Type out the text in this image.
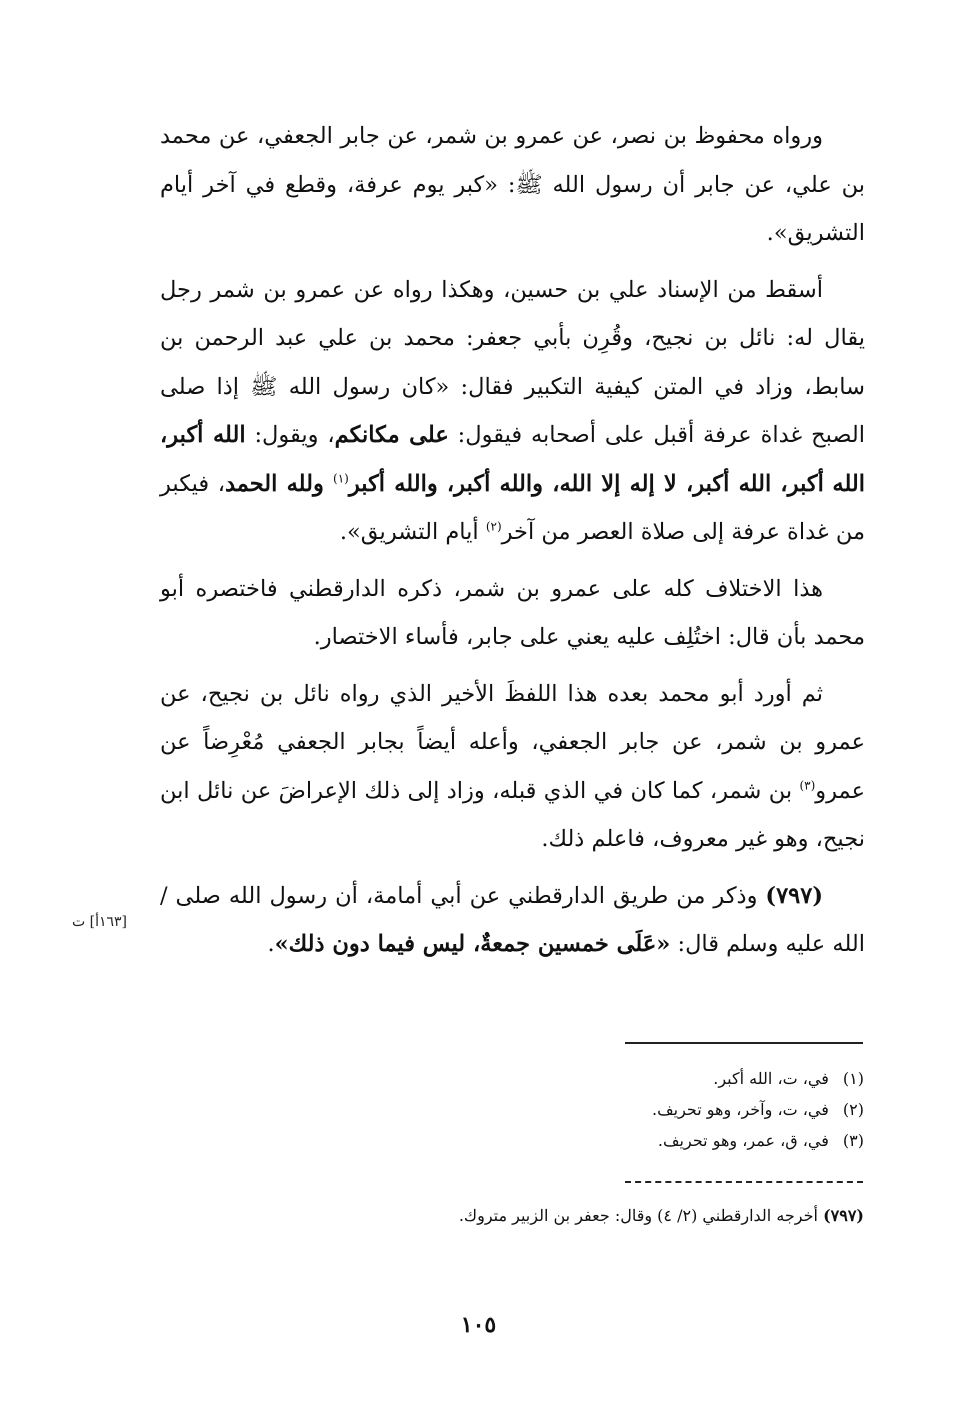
ورواه محفوظ بن نصر، عن عمرو بن شمر، عن جابر الجعفي، عن محمد بن علي، عن جابر أن رسول الله ﷺ: «كبر يوم عرفة، وقطع في آخر أيام التشريق».

أسقط من الإسناد علي بن حسين، وهكذا رواه عن عمرو بن شمر رجل يقال له: نائل بن نجيح، وقُرِن بأبي جعفر: محمد بن علي عبد الرحمن بن سابط، وزاد في المتن كيفية التكبير فقال: «كان رسول الله ﷺ إذا صلى الصبح غداة عرفة أقبل على أصحابه فيقول: على مكانكم، ويقول: الله أكبر، الله أكبر، الله أكبر، لا إله إلا الله، والله أكبر، والله أكبر$^{(١)}$ ولله الحمد، فيكبر من غداة عرفة إلى صلاة العصر من آخر$^{(٢)}$ أيام التشريق».

هذا الاختلاف كله على عمرو بن شمر، ذكره الدارقطني فاختصره أبو محمد بأن قال: اختُلِف عليه يعني على جابر، فأساء الاختصار.

ثم أورد أبو محمد بعده هذا اللفظَ الأخير الذي رواه نائل بن نجيح، عن عمرو بن شمر، عن جابر الجعفي، وأعله أيضاً بجابر الجعفي مُعْرِضاً عن عمرو$^{(٣)}$ بن شمر، كما كان في الذي قبله، وزاد إلى ذلك الإعراضَ عن نائل ابن نجيح، وهو غير معروف، فاعلم ذلك.

(٧٩٧) وذكر من طريق الدارقطني عن أبي أمامة، أن رسول الله صلى / الله عليه وسلم قال: «عَلَى خمسين جمعةٌ، ليس فيما دون ذلك».

[١٦٣أ] ت
(١) في، ت، الله أكبر.
(٢) في، ت، وآخر، وهو تحريف.
(٣) في، ق، عمر، وهو تحريف.
(٧٩٧) أخرجه الدارقطني (٢/ ٤) وقال: جعفر بن الزبير متروك.
١٠٥
